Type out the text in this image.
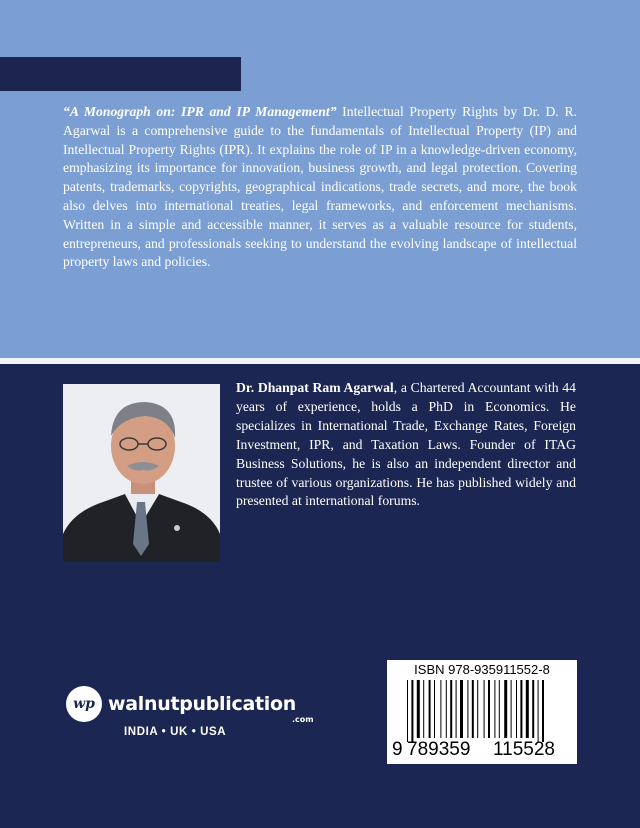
“A Monograph on: IPR and IP Management” Intellectual Property Rights by Dr. D. R. Agarwal is a comprehensive guide to the fundamentals of Intellectual Property (IP) and Intellectual Property Rights (IPR). It explains the role of IP in a knowledge-driven economy, emphasizing its importance for innovation, business growth, and legal protection. Covering patents, trademarks, copyrights, geographical indications, trade secrets, and more, the book also delves into international treaties, legal frameworks, and enforcement mechanisms. Written in a simple and accessible manner, it serves as a valuable resource for students, entrepreneurs, and professionals seeking to understand the evolving landscape of intellectual property laws and policies.

Dr. Dhanpat Ram Agarwal, a Chartered Accountant with 44 years of experience, holds a PhD in Economics. He specializes in International Trade, Exchange Rates, Foreign Investment, IPR, and Taxation Laws. Founder of ITAG Business Solutions, he is also an independent director and trustee of various organizations. He has published widely and presented at international forums.

wp walnutpublication
.com
INDIA • UK • USA
ISBN 978-935911552-8
9 789359 115528
